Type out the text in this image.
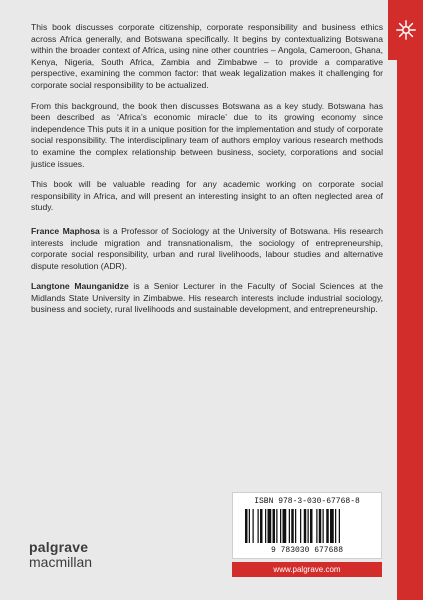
This book discusses corporate citizenship, corporate responsibility and business ethics across Africa generally, and Botswana specifically. It begins by contextualizing Botswana within the broader context of Africa, using nine other countries – Angola, Cameroon, Ghana, Kenya, Nigeria, South Africa, Zambia and Zimbabwe – to provide a comparative perspective, examining the common factor: that weak legalization makes it challenging for corporate social responsibility to be actualized.

From this background, the book then discusses Botswana as a key study. Botswana has been described as ‘Africa’s economic miracle’ due to its growing economy since independence This puts it in a unique position for the implementation and study of corporate social responsibility. The interdisciplinary team of authors employ various research methods to examine the complex relationship between business, society, corporations and social justice issues.

This book will be valuable reading for any academic working on corporate social responsibility in Africa, and will present an interesting insight to an often neglected area of study.

France Maphosa is a Professor of Sociology at the University of Botswana. His research interests include migration and transnationalism, the sociology of entrepreneurship, corporate social responsibility, urban and rural livelihoods, labour studies and alternative dispute resolution (ADR).

Langtone Maunganidze is a Senior Lecturer in the Faculty of Social Sciences at the Midlands State University in Zimbabwe. His research interests include industrial sociology, business and society, rural livelihoods and sustainable development, and entrepreneurship.

ISBN 978-3-030-67768-8
9 783030 677688
www.palgrave.com
palgrave
macmillan
